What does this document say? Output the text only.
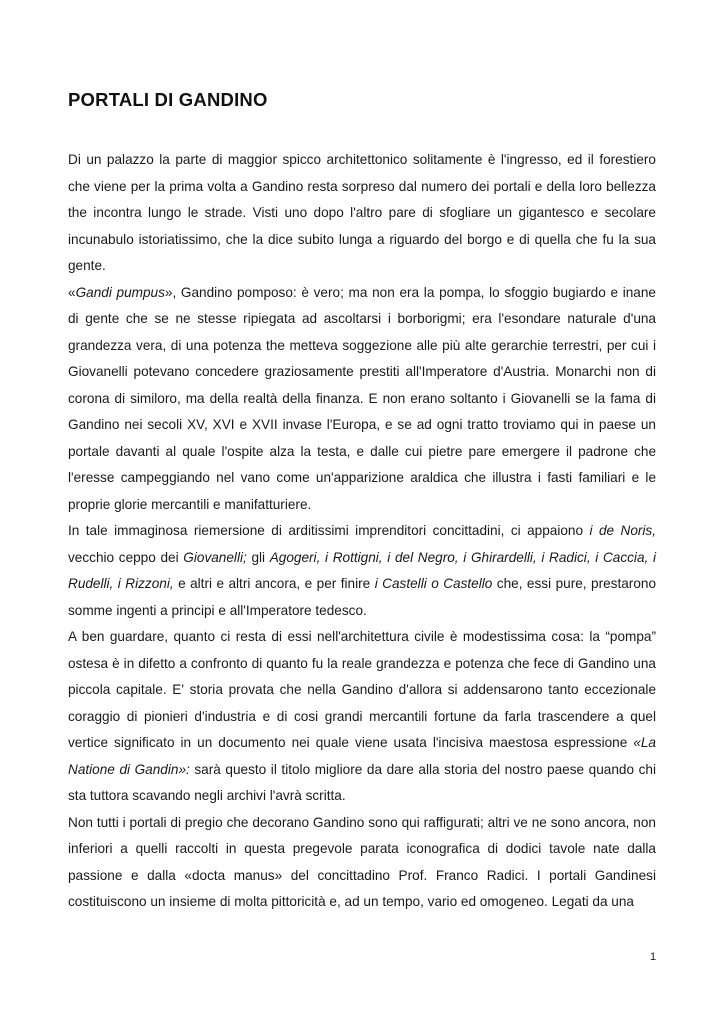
PORTALI DI GANDINO

Di un palazzo la parte di maggior spicco architettonico solitamente è l'ingresso, ed il forestiero che viene per la prima volta a Gandino resta sorpreso dal numero dei portali e della loro bellezza the incontra lungo le strade. Visti uno dopo l'altro pare di sfogliare un gigantesco e secolare incunabulo istoriatissimo, che la dice subito lunga a riguardo del borgo e di quella che fu la sua gente.

«Gandi pumpus», Gandino pomposo: è vero; ma non era la pompa, lo sfoggio bugiardo e inane di gente che se ne stesse ripiegata ad ascoltarsi i borborigmi; era l'esondare naturale d'una grandezza vera, di una potenza the metteva soggezione alle più alte gerarchie terrestri, per cui i Giovanelli potevano concedere graziosamente prestiti all'Imperatore d'Austria. Monarchi non di corona di similoro, ma della realtà della finanza. E non erano soltanto i Giovanelli se la fama di Gandino nei secoli XV, XVI e XVII invase l'Europa, e se ad ogni tratto troviamo qui in paese un portale davanti al quale l'ospite alza la testa, e dalle cui pietre pare emergere il padrone che l'eresse campeggiando nel vano come un'apparizione araldica che illustra i fasti familiari e le proprie glorie mercantili e manifatturiere.

In tale immaginosa riemersione di arditissimi imprenditori concittadini, ci appaiono i de Noris, vecchio ceppo dei Giovanelli; gli Agogeri, i Rottigni, i del Negro, i Ghirardelli, i Radici, i Caccia, i Rudelli, i Rizzoni, e altri e altri ancora, e per finire i Castelli o Castello che, essi pure, prestarono somme ingenti a principi e all'Imperatore tedesco.

A ben guardare, quanto ci resta di essi nell'architettura civile è modestissima cosa: la “pompa” ostesa è in difetto a confronto di quanto fu la reale grandezza e potenza che fece di Gandino una piccola capitale. E' storia provata che nella Gandino d'allora si addensarono tanto eccezionale coraggio di pionieri d'industria e di cosi grandi mercantili fortune da farla trascendere a quel vertice significato in un documento nei quale viene usata l'incisiva maestosa espressione «La Natione di Gandin»: sarà questo il titolo migliore da dare alla storia del nostro paese quando chi sta tuttora scavando negli archivi l'avrà scritta.

Non tutti i portali di pregio che decorano Gandino sono qui raffigurati; altri ve ne sono ancora, non inferiori a quelli raccolti in questa pregevole parata iconografica di dodici tavole nate dalla passione e dalla «docta manus» del concittadino Prof. Franco Radici. I portali Gandinesi costituiscono un insieme di molta pittoricità e, ad un tempo, vario ed omogeneo. Legati da una

1
